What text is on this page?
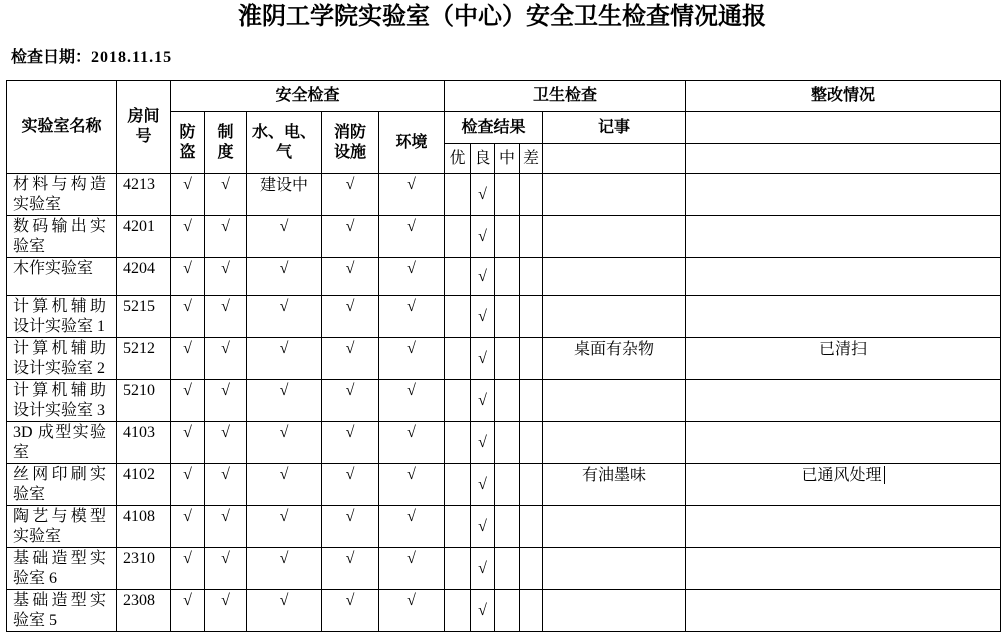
淮阴工学院实验室（中心）安全卫生检查情况通报
检查日期：2018.11.15
实验室名称	房间号	安全检查					卫生检查					整改情况

		防盗	制度	水、电、气	消防设施	环境	检查结果				记事	
							优	良	中	差		
材料与构造实验室	4213	√	√	建设中	√	√		√				
数码输出实验室	4201	√	√	√	√	√		√				
木作实验室	4204	√	√	√	√	√		√				
计算机辅助设计实验室 1	5215	√	√	√	√	√		√				
计算机辅助设计实验室 2	5212	√	√	√	√	√		√			桌面有杂物	已清扫
计算机辅助设计实验室 3	5210	√	√	√	√	√		√				
3D 成型实验室	4103	√	√	√	√	√		√				
丝网印刷实验室	4102	√	√	√	√	√		√			有油墨味	已通风处理
陶艺与模型实验室	4108	√	√	√	√	√		√				
基础造型实验室 6	2310	√	√	√	√	√		√				
基础造型实验室 5	2308	√	√	√	√	√		√				
